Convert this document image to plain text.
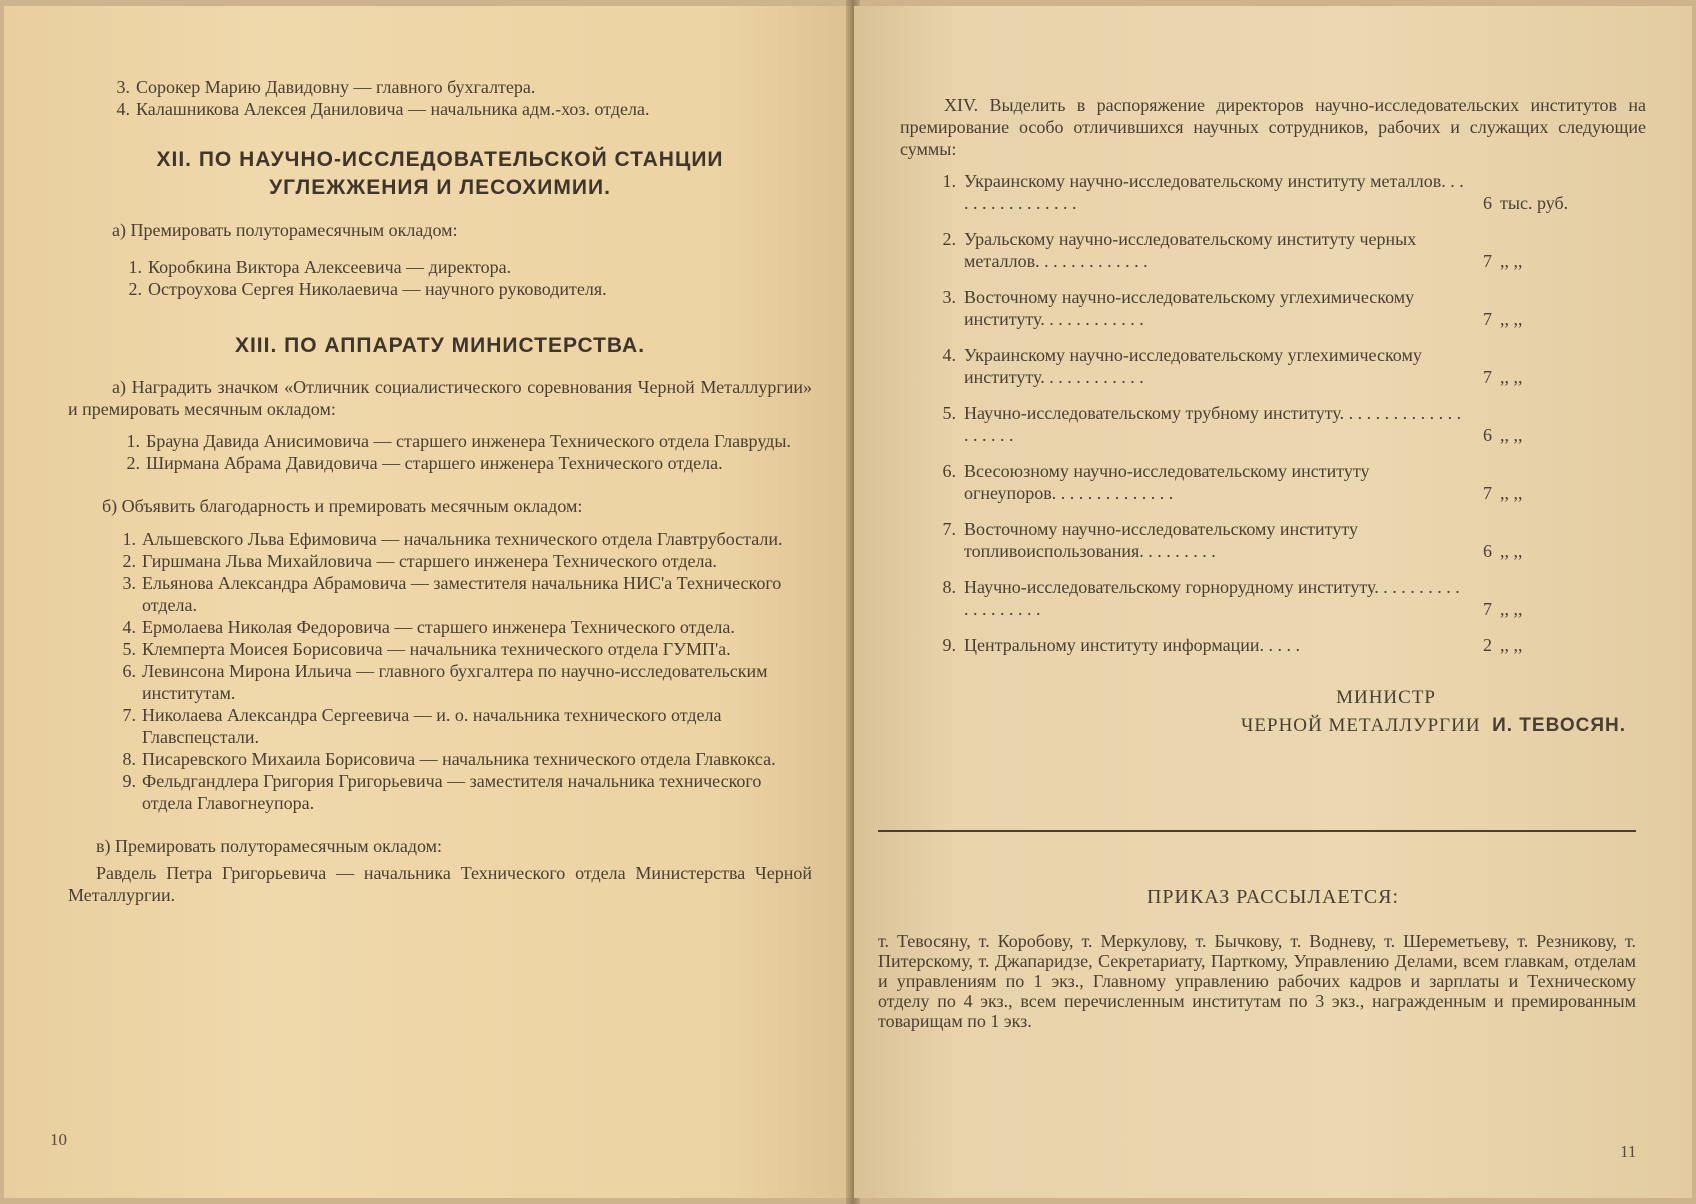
3. Сорокер Марию Давидовну — главного бухгалтера.
4. Калашникова Алексея Даниловича — начальника адм.-хоз. отдела.

XII. ПО НАУЧНО-ИССЛЕДОВАТЕЛЬСКОЙ СТАНЦИИ

УГЛЕЖЖЕНИЯ И ЛЕСОХИМИИ.

а) Премировать полуторамесячным окладом:

1. Коробкина Виктора Алексеевича — директора.
2. Остроухова Сергея Николаевича — научного руководителя.

XIII. ПО АППАРАТУ МИНИСТЕРСТВА.

а) Наградить значком «Отличник социалистического соревнования Черной Металлургии» и премировать месячным окладом:

1. Брауна Давида Анисимовича — старшего инженера Технического отдела Главруды.
2. Ширмана Абрама Давидовича — старшего инженера Технического отдела.

б) Объявить благодарность и премировать месячным окладом:

1. Альшевского Льва Ефимовича — начальника технического отдела Главтрубостали.
2. Гиршмана Льва Михайловича — старшего инженера Технического отдела.
3. Ельянова Александра Абрамовича — заместителя начальника НИС'а Технического отдела.
4. Ермолаева Николая Федоровича — старшего инженера Технического отдела.
5. Клемперта Моисея Борисовича — начальника технического отдела ГУМП'а.
6. Левинсона Мирона Ильича — главного бухгалтера по научно-исследовательским институтам.
7. Николаева Александра Сергеевича — и. о. начальника технического отдела Главспецстали.
8. Писаревского Михаила Борисовича — начальника технического отдела Главкокса.
9. Фельдгандлера Григория Григорьевича — заместителя начальника технического отдела Главогнеупора.

в) Премировать полуторамесячным окладом:

Равдель Петра Григорьевича — начальника Технического отдела Министерства Черной Металлургии.

10

XIV. Выделить в распоряжение директоров научно-исследовательских институтов на премирование особо отличившихся научных сотрудников, рабочих и служащих следующие суммы:

1. Украинскому научно-исследовательскому институту металлов. . . . . . . . . . . . . . . .	6 тыс. руб.
2. Уральскому научно-исследовательскому институту черных металлов. . . . . . . . . . . . .	7 ,, ,,
3. Восточному научно-исследовательскому углехимическому институту. . . . . . . . . . . .	7 ,, ,,
4. Украинскому научно-исследовательскому углехимическому институту. . . . . . . . . . . .	7 ,, ,,
5. Научно-исследовательскому трубному институту. . . . . . . . . . . . . . . . . . . .	6 ,, ,,
6. Всесоюзному научно-исследовательскому институту огнеупоров. . . . . . . . . . . . . .	7 ,, ,,
7. Восточному научно-исследовательскому институту топливоиспользования. . . . . . . . .	6 ,, ,,
8. Научно-исследовательскому горнорудному институту. . . . . . . . . . . . . . . . . . .	7 ,, ,,
9. Центральному институту информации. . . . .	2 ,, ,,
МИНИСТР
ЧЕРНОЙ МЕТАЛЛУРГИИ И. ТЕВОСЯН.

ПРИКАЗ РАССЫЛАЕТСЯ:

т. Тевосяну, т. Коробову, т. Меркулову, т. Бычкову, т. Водневу, т. Шереметьеву, т. Резникову, т. Питерскому, т. Джапаридзе, Секретариату, Парткому, Управлению Делами, всем главкам, отделам и управлениям по 1 экз., Главному управлению рабочих кадров и зарплаты и Техническому отделу по 4 экз., всем перечисленным институтам по 3 экз., награжденным и премированным товарищам по 1 экз.

11
